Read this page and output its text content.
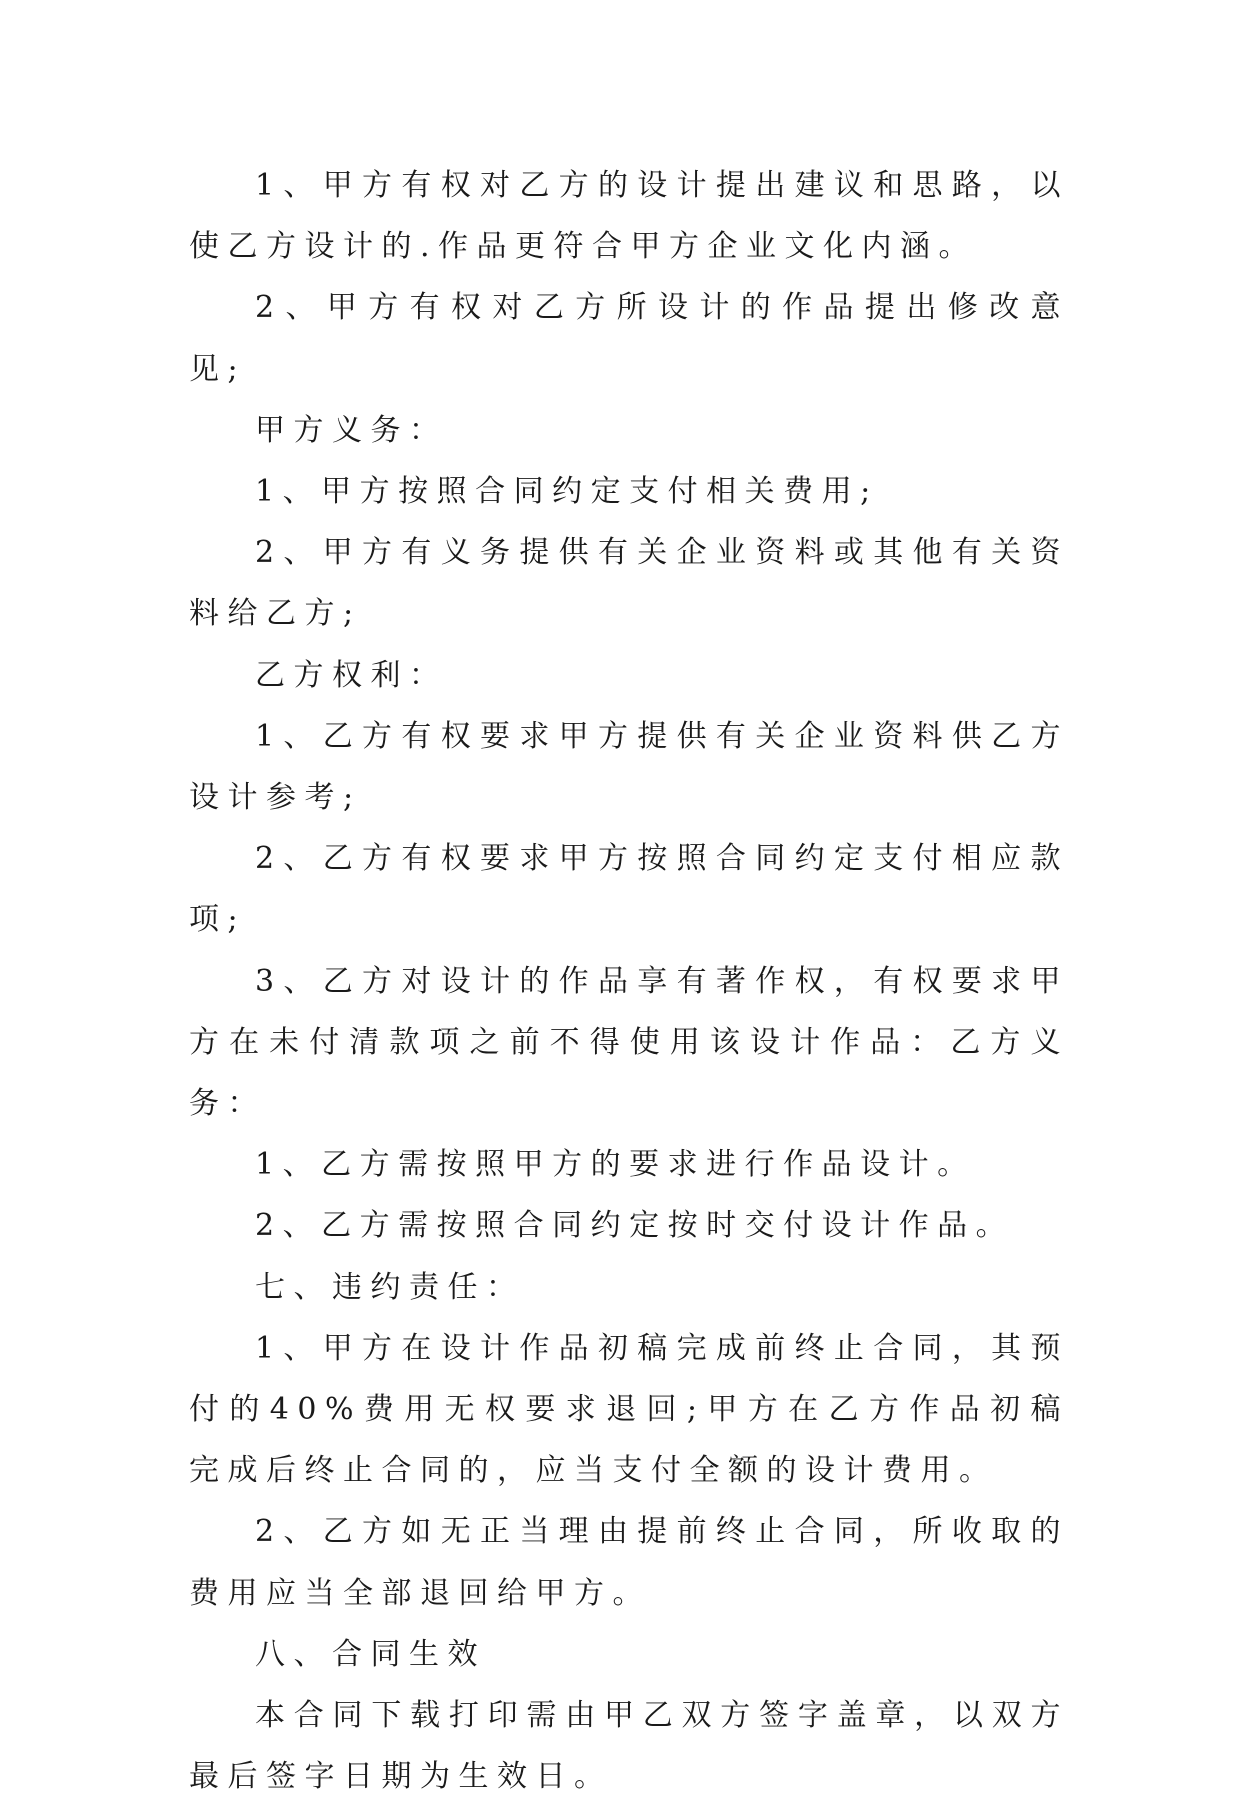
1、甲方有权对乙方的设计提出建议和思路，以使乙方设计的.作品更符合甲方企业文化内涵。

2、甲方有权对乙方所设计的作品提出修改意见;

甲方义务：

1、甲方按照合同约定支付相关费用;

2、甲方有义务提供有关企业资料或其他有关资料给乙方;

乙方权利：

1、乙方有权要求甲方提供有关企业资料供乙方设计参考;

2、乙方有权要求甲方按照合同约定支付相应款项;

3、乙方对设计的作品享有著作权，有权要求甲方在未付清款项之前不得使用该设计作品：乙方义务：

1、乙方需按照甲方的要求进行作品设计。

2、乙方需按照合同约定按时交付设计作品。

七、违约责任：

1、甲方在设计作品初稿完成前终止合同，其预付的40%费用无权要求退回;甲方在乙方作品初稿完成后终止合同的，应当支付全额的设计费用。

2、乙方如无正当理由提前终止合同，所收取的费用应当全部退回给甲方。

八、合同生效

本合同下载打印需由甲乙双方签字盖章，以双方最后签字日期为生效日。
